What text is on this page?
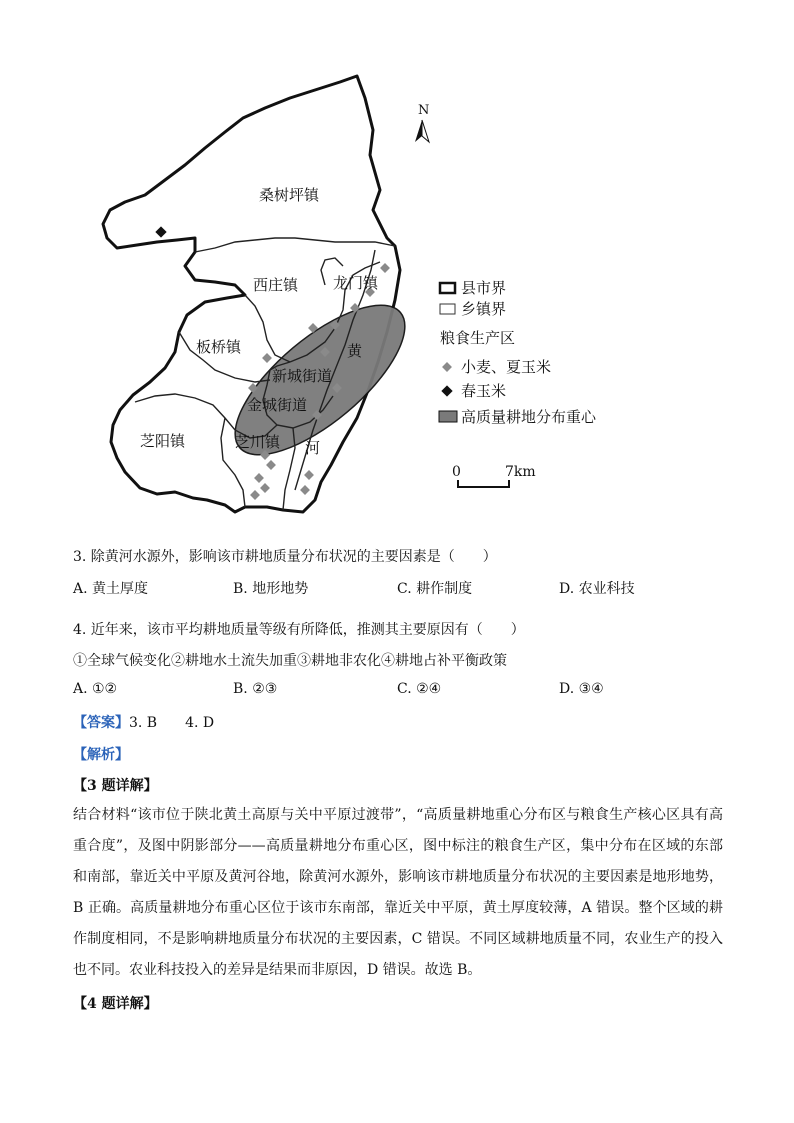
桑树坪镇
西庄镇 龙门镇
板桥镇
新城街道
金城街道
芝阳镇	芝川镇
黄
河
N
县市界
乡镇界
粮食生产区
小麦、夏玉米
春玉米
高质量耕地分布重心
0	7km
3. 除黄河水源外，影响该市耕地质量分布状况的主要因素是（　　）
A. 黄土厚度	B. 地形地势	C. 耕作制度	D. 农业科技
4. 近年来，该市平均耕地质量等级有所降低，推测其主要原因有（　　）
①全球气候变化②耕地水土流失加重③耕地非农化④耕地占补平衡政策
A. ①②	B. ②③	C. ②④	D. ③④
【答案】3. B　　4. D
【解析】
【3 题详解】
结合材料“该市位于陕北黄土高原与关中平原过渡带”，“高质量耕地重心分布区与粮食生产核心区具有高重合度”，及图中阴影部分——高质量耕地分布重心区，图中标注的粮食生产区，集中分布在区域的东部和南部，靠近关中平原及黄河谷地，除黄河水源外，影响该市耕地质量分布状况的主要因素是地形地势，B 正确。高质量耕地分布重心区位于该市东南部，靠近关中平原，黄土厚度较薄，A 错误。整个区域的耕作制度相同，不是影响耕地质量分布状况的主要因素，C 错误。不同区域耕地质量不同，农业生产的投入也不同。农业科技投入的差异是结果而非原因，D 错误。故选 B。
【4 题详解】
